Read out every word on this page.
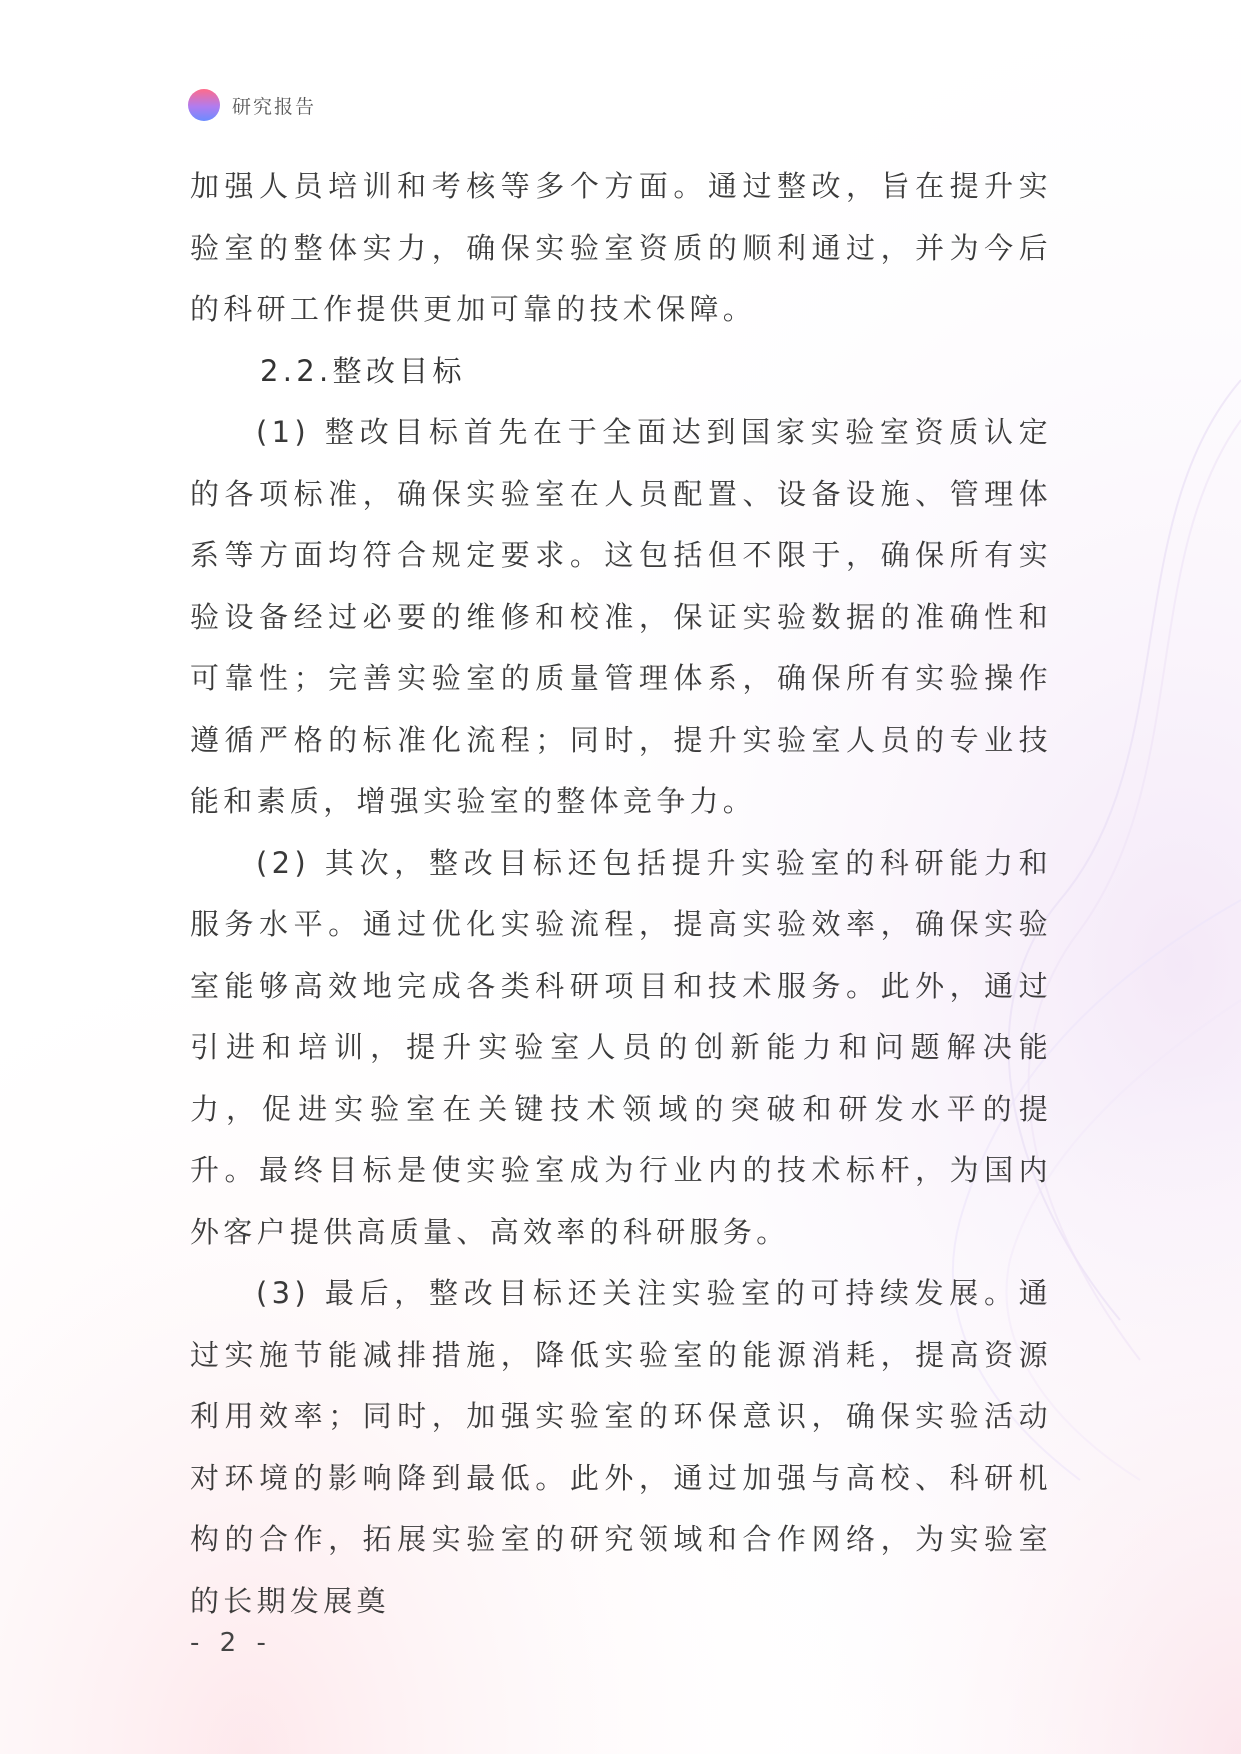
研究报告

加强人员培训和考核等多个方面。通过整改，旨在提升实验室的整体实力，确保实验室资质的顺利通过，并为今后的科研工作提供更加可靠的技术保障。

2.2.整改目标

(1) 整改目标首先在于全面达到国家实验室资质认定的各项标准，确保实验室在人员配置、设备设施、管理体系等方面均符合规定要求。这包括但不限于，确保所有实验设备经过必要的维修和校准，保证实验数据的准确性和可靠性；完善实验室的质量管理体系，确保所有实验操作遵循严格的标准化流程；同时，提升实验室人员的专业技能和素质，增强实验室的整体竞争力。

(2) 其次，整改目标还包括提升实验室的科研能力和服务水平。通过优化实验流程，提高实验效率，确保实验室能够高效地完成各类科研项目和技术服务。此外，通过引进和培训，提升实验室人员的创新能力和问题解决能力，促进实验室在关键技术领域的突破和研发水平的提升。最终目标是使实验室成为行业内的技术标杆，为国内外客户提供高质量、高效率的科研服务。

(3) 最后，整改目标还关注实验室的可持续发展。通过实施节能减排措施，降低实验室的能源消耗，提高资源利用效率；同时，加强实验室的环保意识，确保实验活动对环境的影响降到最低。此外，通过加强与高校、科研机构的合作，拓展实验室的研究领域和合作网络，为实验室的长期发展奠

- 2 -
